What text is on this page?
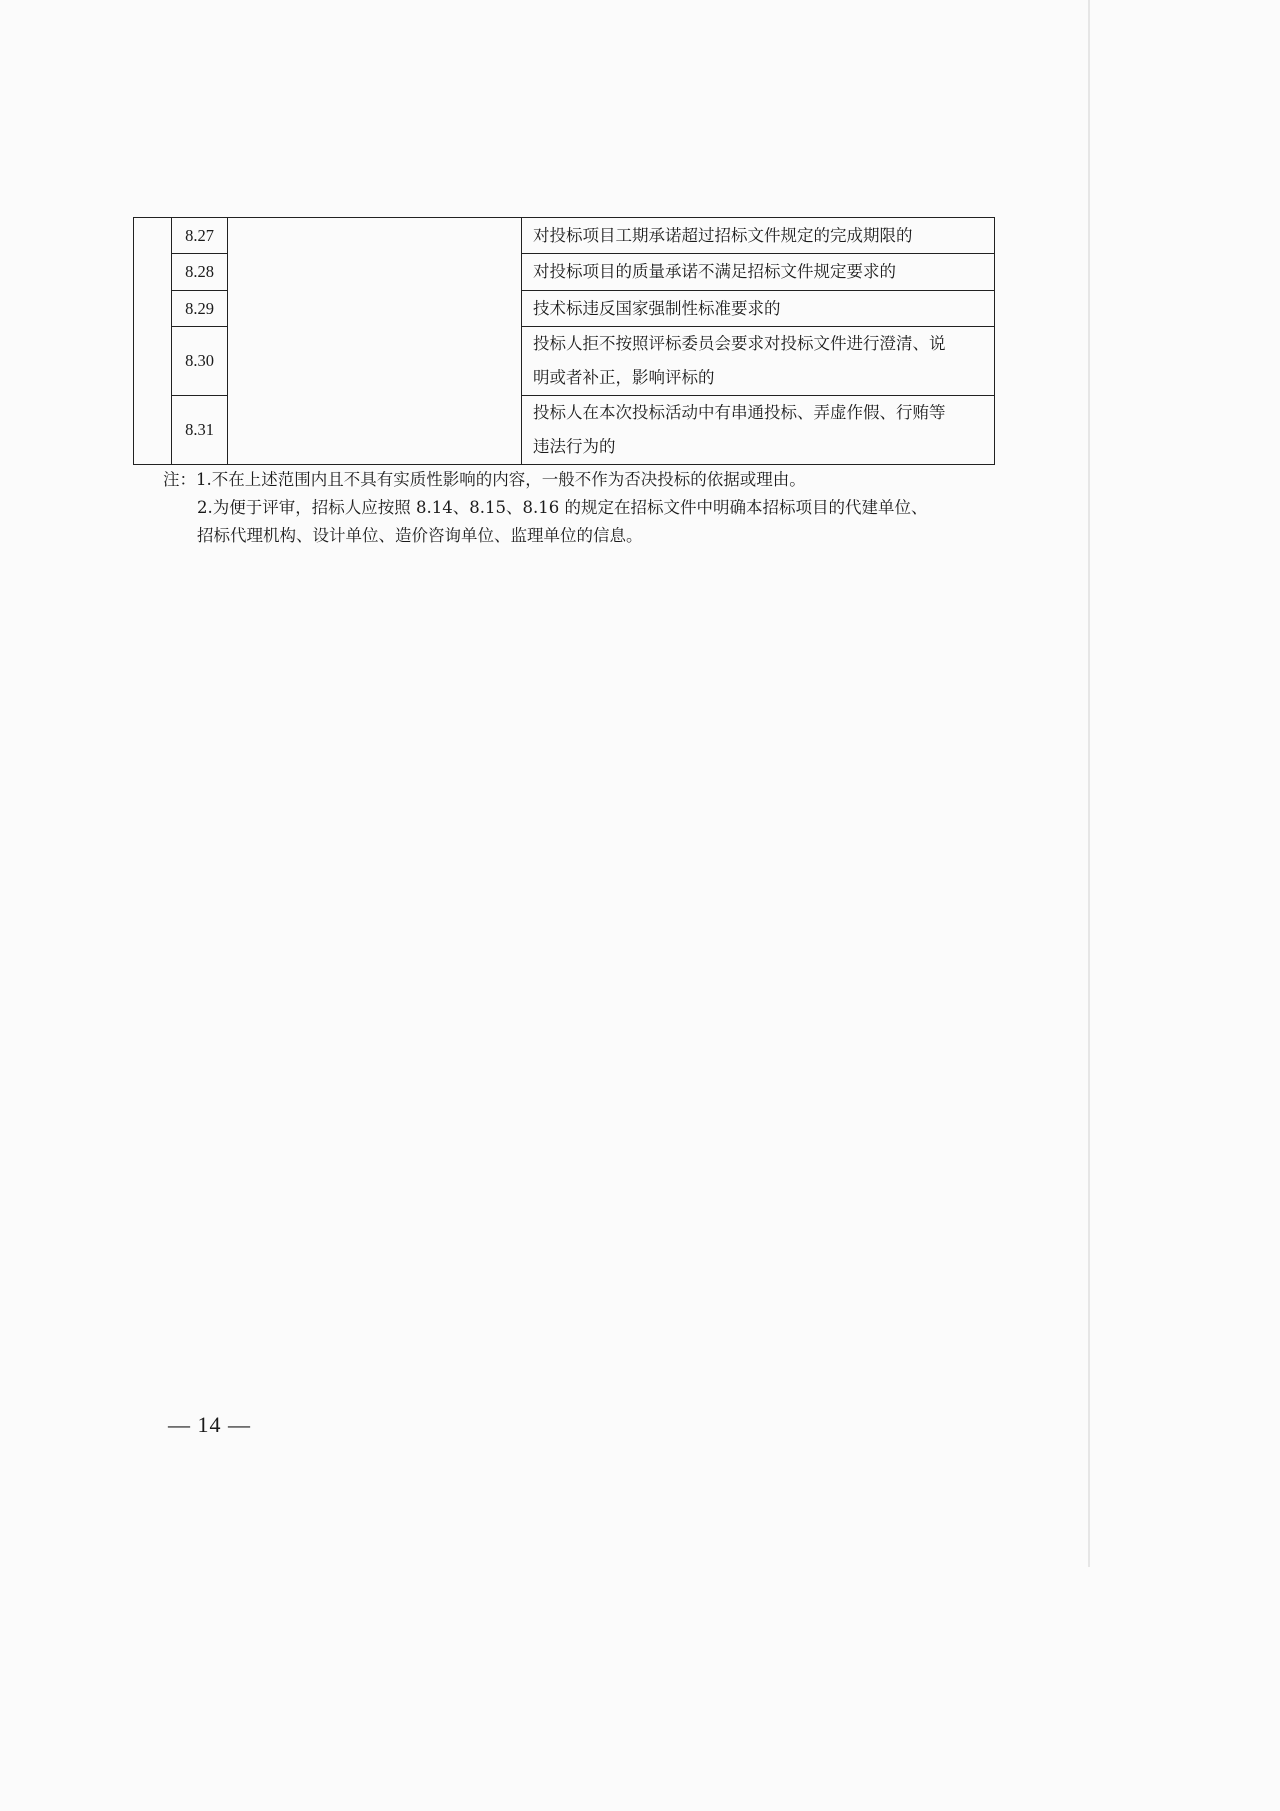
	8.27		对投标项目工期承诺超过招标文件规定的完成期限的

	8.28		对投标项目的质量承诺不满足招标文件规定要求的

	8.29		技术标违反国家强制性标准要求的

	8.30		投标人拒不按照评标委员会要求对投标文件进行澄清、说
明或者补正，影响评标的

	8.31		投标人在本次投标活动中有串通投标、弄虚作假、行贿等
违法行为的
注：1.不在上述范围内且不具有实质性影响的内容，一般不作为否决投标的依据或理由。
2.为便于评审，招标人应按照 8.14、8.15、8.16 的规定在招标文件中明确本招标项目的代建单位、
招标代理机构、设计单位、造价咨询单位、监理单位的信息。
— 14 —
